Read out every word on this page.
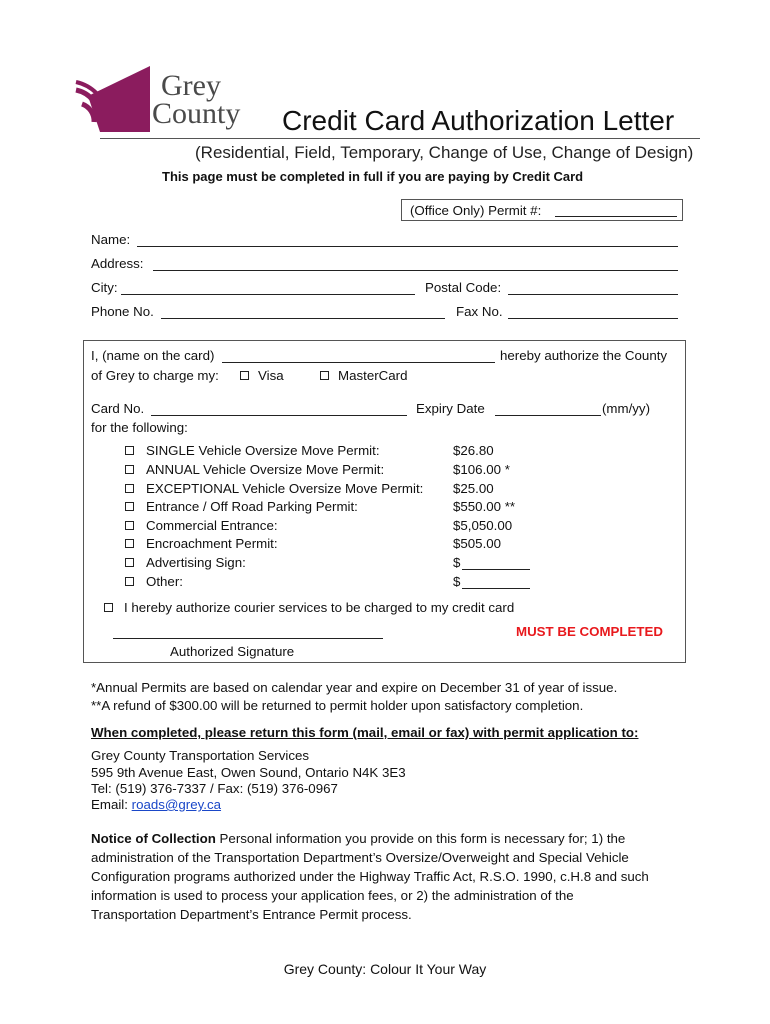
Grey
County Credit Card Authorization Letter
(Residential, Field, Temporary, Change of Use, Change of Design)
This page must be completed in full if you are paying by Credit Card
(Office Only) Permit #:
Name:
Address:
City:	Postal Code:
Phone No.	Fax No.
I, (name on the card)	hereby authorize the County
of Grey to charge my:	Visa	MasterCard
Card No.	Expiry Date	(mm/yy)
for the following:
SINGLE Vehicle Oversize Move Permit:	$26.80
ANNUAL Vehicle Oversize Move Permit:	$106.00 *
EXCEPTIONAL Vehicle Oversize Move Permit: $25.00
Entrance / Off Road Parking Permit:	$550.00 **
Commercial Entrance:	$5,050.00
Encroachment Permit:	$505.00
Advertising Sign:	$
Other:	$
I hereby authorize courier services to be charged to my credit card
MUST BE COMPLETED
Authorized Signature
*Annual Permits are based on calendar year and expire on December 31 of year of issue.
**A refund of $300.00 will be returned to permit holder upon satisfactory completion.
When completed, please return this form (mail, email or fax) with permit application to:
Grey County Transportation Services
595 9th Avenue East, Owen Sound, Ontario N4K 3E3
Tel: (519) 376-7337 / Fax: (519) 376-0967
Email: roads@grey.ca
Notice of Collection Personal information you provide on this form is necessary for; 1) the
administration of the Transportation Department’s Oversize/Overweight and Special Vehicle
Configuration programs authorized under the Highway Traffic Act, R.S.O. 1990, c.H.8 and such
information is used to process your application fees, or 2) the administration of the
Transportation Department’s Entrance Permit process.
Grey County: Colour It Your Way
